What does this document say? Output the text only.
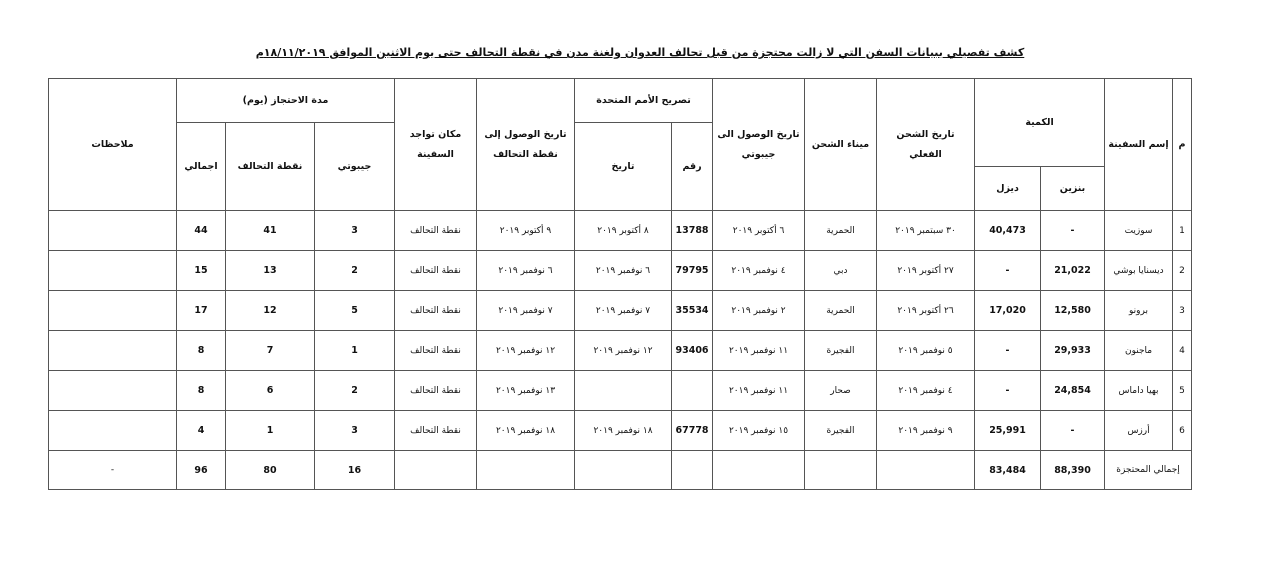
كشف تفصيلي ببيانات السفن التي لا زالت محتجزة من قبل تحالف العدوان ولغنة مدن في نقطة التحالف حتى يوم الاثنين الموافق ١٨/١١/٢٠١٩م
م	إسم السفينة	الكمية		تاريخ الشحن الفعلي	ميناء الشحن	تاريخ الوصول الى جيبوتي	تصريح الأمم المتحدة		تاريخ الوصول إلى نقطة التحالف	مكان تواجد السفينة	مدة الاحتجاز (يوم)			ملاحظات
							رقم	تاريخ			جيبوتي	نقطة التحالف	اجمالي	
		بنزين	ديزل											
1	سوزيت	-	40,473	٣٠ سبتمبر ٢٠١٩	الحمرية	٦ أكتوبر ٢٠١٩	13788	٨ أكتوبر ٢٠١٩	٩ أكتوبر ٢٠١٩	نقطة التحالف	3	41	44	
2	ديسنايا بوشي	21,022	-	٢٧ أكتوبر ٢٠١٩	دبي	٤ نوفمبر ٢٠١٩	79795	٦ نوفمبر ٢٠١٩	٦ نوفمبر ٢٠١٩	نقطة التحالف	2	13	15	
3	برونو	12,580	17,020	٢٦ أكتوبر ٢٠١٩	الحمرية	٢ نوفمبر ٢٠١٩	35534	٧ نوفمبر ٢٠١٩	٧ نوفمبر ٢٠١٩	نقطة التحالف	5	12	17	
4	ماجنون	29,933	-	٥ نوفمبر ٢٠١٩	الفجيرة	١١ نوفمبر ٢٠١٩	93406	١٢ نوفمبر ٢٠١٩	١٢ نوفمبر ٢٠١٩	نقطة التحالف	1	7	8	
5	بهيا داماس	24,854	-	٤ نوفمبر ٢٠١٩	صحار	١١ نوفمبر ٢٠١٩			١٣ نوفمبر ٢٠١٩	نقطة التحالف	2	6	8	
6	أرزس	-	25,991	٩ نوفمبر ٢٠١٩	الفجيرة	١٥ نوفمبر ٢٠١٩	67778	١٨ نوفمبر ٢٠١٩	١٨ نوفمبر ٢٠١٩	نقطة التحالف	3	1	4	
إجمالي المحتجزة		88,390	83,484								16	80	96	-
